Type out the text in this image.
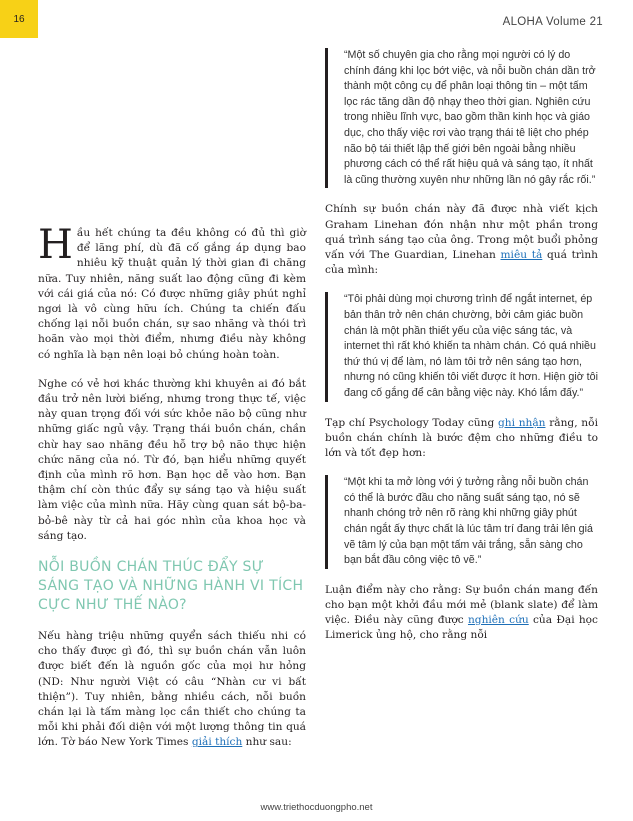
16	ALOHA Volume 21

Hầu hết chúng ta đều không có đủ thì giờ để lãng phí, dù đã cố gắng áp dụng bao nhiêu kỹ thuật quản lý thời gian đi chăng nữa. Tuy nhiên, năng suất lao động cũng đi kèm với cái giá của nó: Có được những giây phút nghỉ ngơi là vô cùng hữu ích. Chúng ta chiến đấu chống lại nỗi buồn chán, sự sao nhãng và thói trì hoãn vào mọi thời điểm, nhưng điều này không có nghĩa là bạn nên loại bỏ chúng hoàn toàn.

Nghe có vẻ hơi khác thường khi khuyên ai đó bắt đầu trở nên lười biếng, nhưng trong thực tế, việc này quan trọng đối với sức khỏe não bộ cũng như những giấc ngủ vậy. Trạng thái buồn chán, chần chừ hay sao nhãng đều hỗ trợ bộ não thực hiện chức năng của nó. Từ đó, bạn hiểu những quyết định của mình rõ hơn. Bạn học dễ vào hơn. Bạn thậm chí còn thúc đẩy sự sáng tạo và hiệu suất làm việc của mình nữa. Hãy cùng quan sát bộ-ba-bỏ-bê này từ cả hai góc nhìn của khoa học và sáng tạo.

NỖI BUỒN CHÁN THÚC ĐẨY SỰ SÁNG TẠO VÀ NHỮNG HÀNH VI TÍCH CỰC NHƯ THẾ NÀO?

Nếu hàng triệu những quyển sách thiếu nhi có cho thấy được gì đó, thì sự buồn chán vẫn luôn được biết đến là nguồn gốc của mọi hư hỏng (ND: Như người Việt có câu “Nhàn cư vi bất thiện”). Tuy nhiên, bằng nhiều cách, nỗi buồn chán lại là tấm màng lọc cần thiết cho chúng ta mỗi khi phải đối diện với một lượng thông tin quá lớn. Tờ báo New York Times giải thích như sau:

“Một số chuyên gia cho rằng mọi người có lý do chính đáng khi lọc bớt việc, và nỗi buồn chán dần trở thành một công cụ để phân loại thông tin – một tấm lọc rác tăng dần độ nhạy theo thời gian. Nghiên cứu trong nhiều lĩnh vực, bao gồm thần kinh học và giáo dục, cho thấy việc rơi vào trạng thái tê liệt cho phép não bộ tái thiết lập thế giới bên ngoài bằng nhiều phương cách có thể rất hiệu quả và sáng tạo, ít nhất là cũng thường xuyên như những lần nó gây rắc rối.”

Chính sự buồn chán này đã được nhà viết kịch Graham Linehan đón nhận như một phần trong quá trình sáng tạo của ông. Trong một buổi phỏng vấn với The Guardian, Linehan miêu tả quá trình của mình:

“Tôi phải dùng mọi chương trình để ngắt internet, ép bản thân trở nên chán chường, bởi cảm giác buồn chán là một phần thiết yếu của việc sáng tác, và internet thì rất khó khiến ta nhàm chán. Có quá nhiều thứ thú vị để làm, nó làm tôi trở nên sáng tạo hơn, nhưng nó cũng khiến tôi viết được ít hơn. Hiện giờ tôi đang cố gắng để cân bằng việc này. Khó lắm đấy.”

Tạp chí Psychology Today cũng ghi nhận rằng, nỗi buồn chán chính là bước đệm cho những điều to lớn và tốt đẹp hơn:

“Một khi ta mở lòng với ý tưởng rằng nỗi buồn chán có thể là bước đầu cho năng suất sáng tạo, nó sẽ nhanh chóng trở nên rõ ràng khi những giây phút chán ngắt ấy thực chất là lúc tâm trí đang trải lên giá vẽ tâm lý của bạn một tấm vải trắng, sẵn sàng cho bạn bắt đầu công việc tô vẽ.”

Luận điểm này cho rằng: Sự buồn chán mang đến cho bạn một khởi đầu mới mẻ (blank slate) để làm việc. Điều này cũng được nghiên cứu của Đại học Limerick ủng hộ, cho rằng nỗi

www.triethocduongpho.net
